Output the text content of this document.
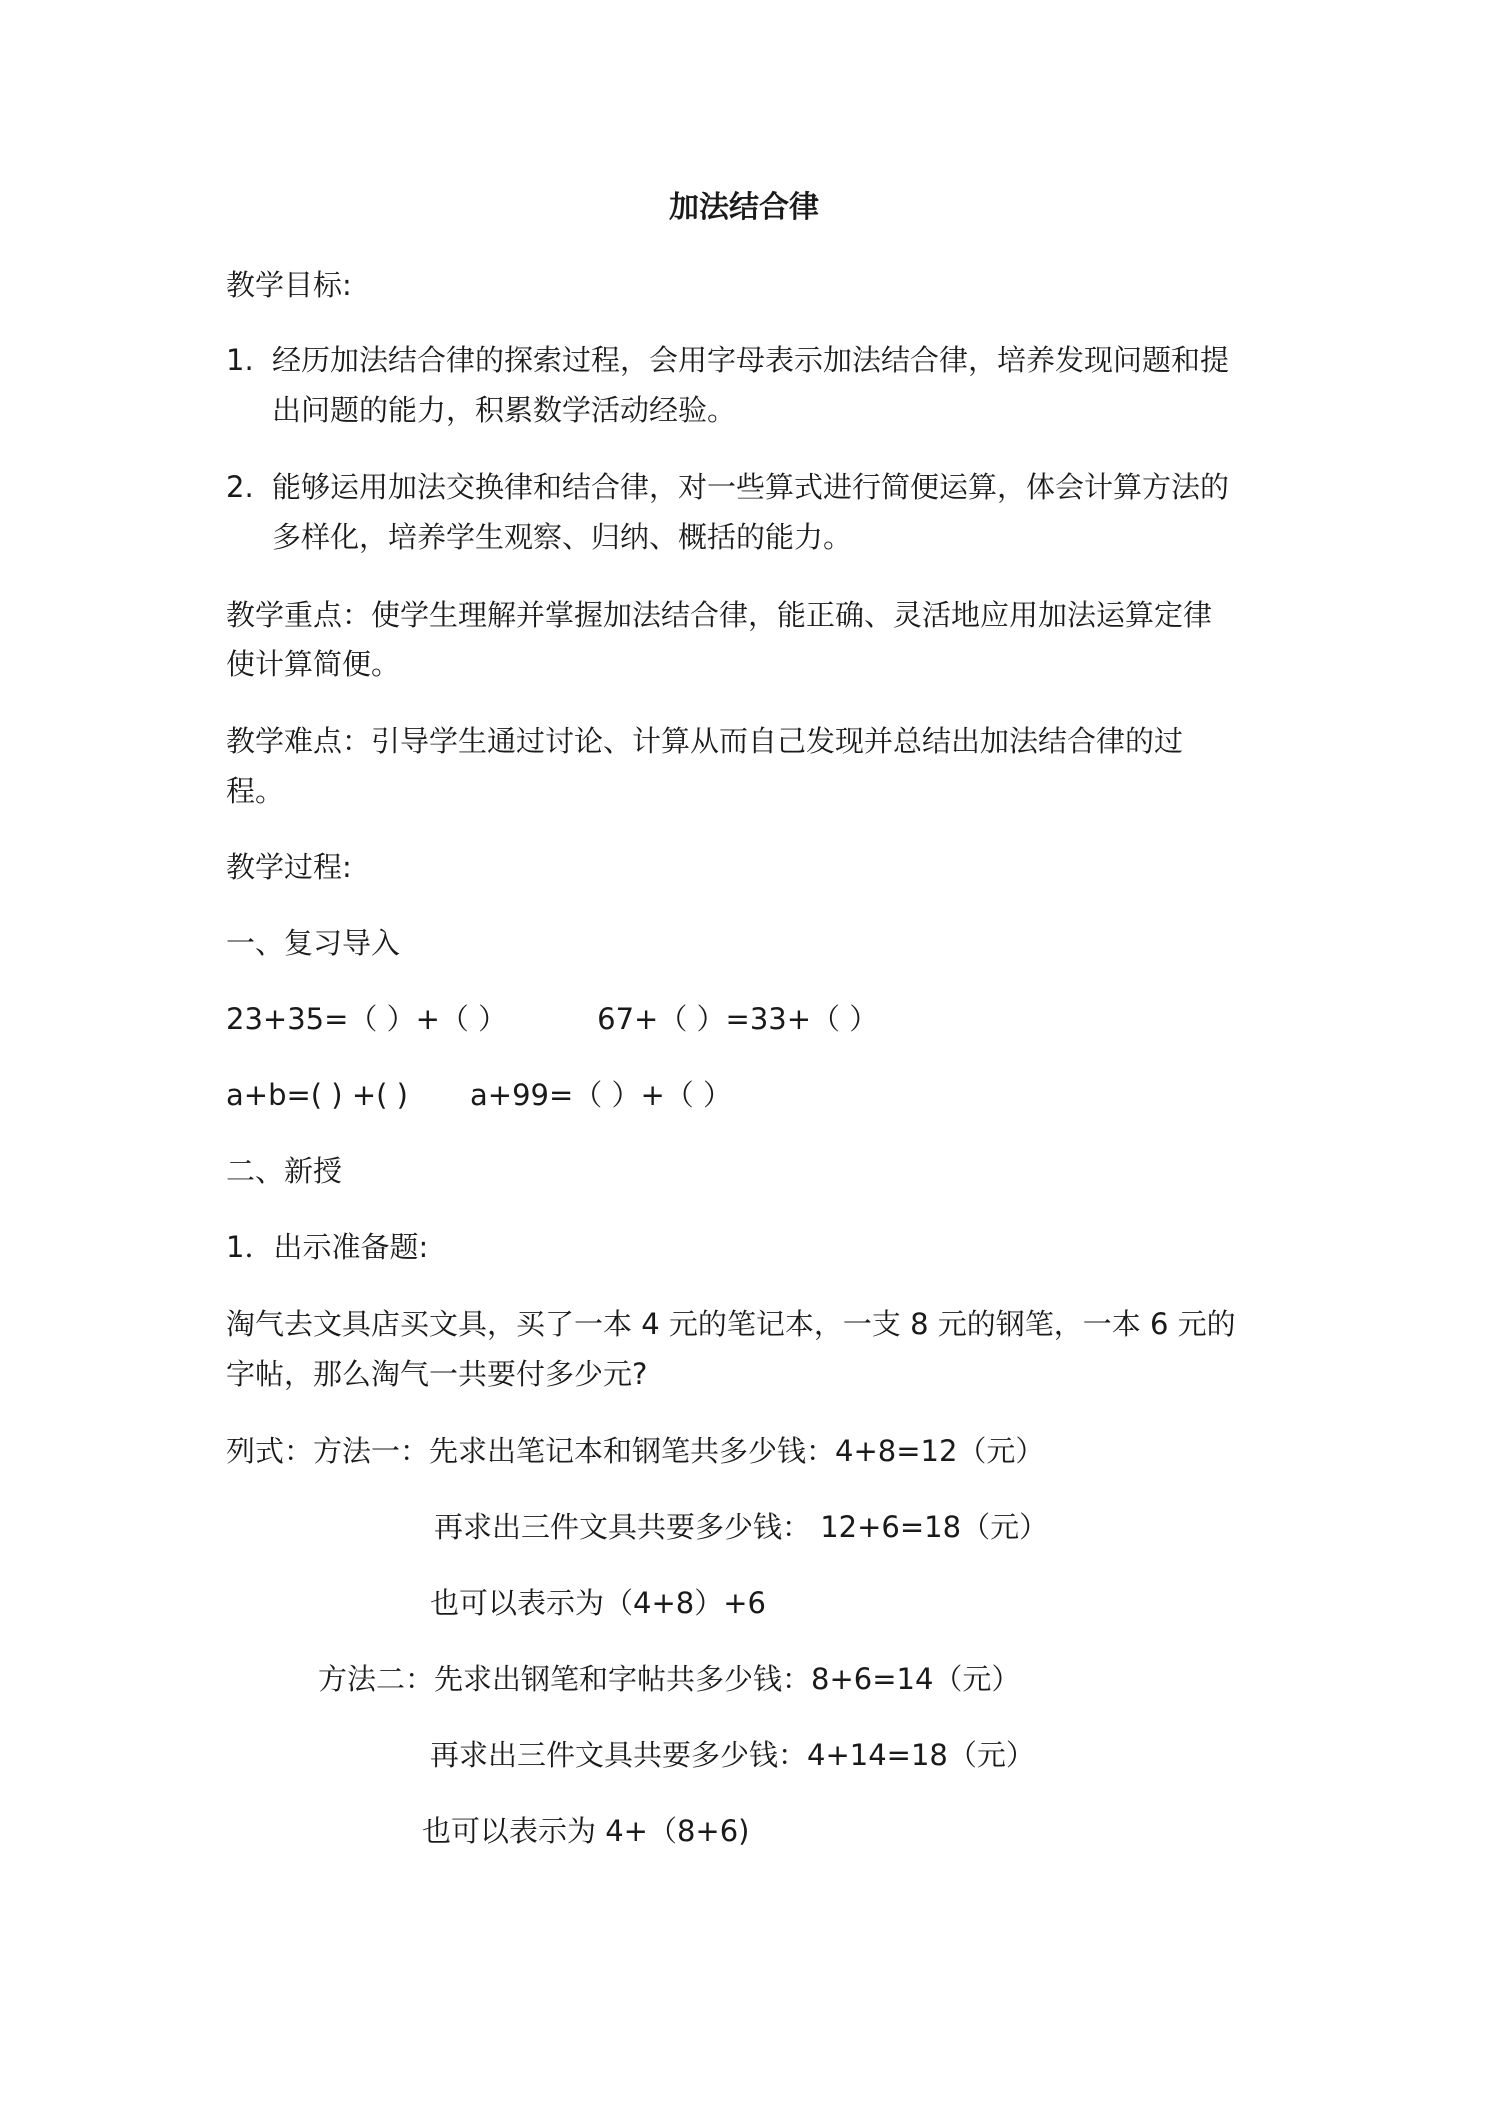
加法结合律
教学目标:
1. 经历加法结合律的探索过程，会用字母表示加法结合律，培养发现问题和提
出问题的能力，积累数学活动经验。
2. 能够运用加法交换律和结合律，对一些算式进行简便运算，体会计算方法的
多样化，培养学生观察、归纳、概括的能力。
教学重点：使学生理解并掌握加法结合律，能正确、灵活地应用加法运算定律
使计算简便。
教学难点：引导学生通过讨论、计算从而自己发现并总结出加法结合律的过
程。
教学过程:
一、复习导入
23+35=（ ）+（ ）	67+（ ）=33+（ ）
a+b=( ) +( ) a+99=（ ）+（ ）
二、新授
1．出示准备题:
淘气去文具店买文具，买了一本 4 元的笔记本，一支 8 元的钢笔，一本 6 元的
字帖，那么淘气一共要付多少元?
列式：方法一：先求出笔记本和钢笔共多少钱：4+8=12（元）
再求出三件文具共要多少钱： 12+6=18（元）
也可以表示为（4+8）+6
方法二：先求出钢笔和字帖共多少钱：8+6=14（元）
再求出三件文具共要多少钱：4+14=18（元）
也可以表示为 4+（8+6)
